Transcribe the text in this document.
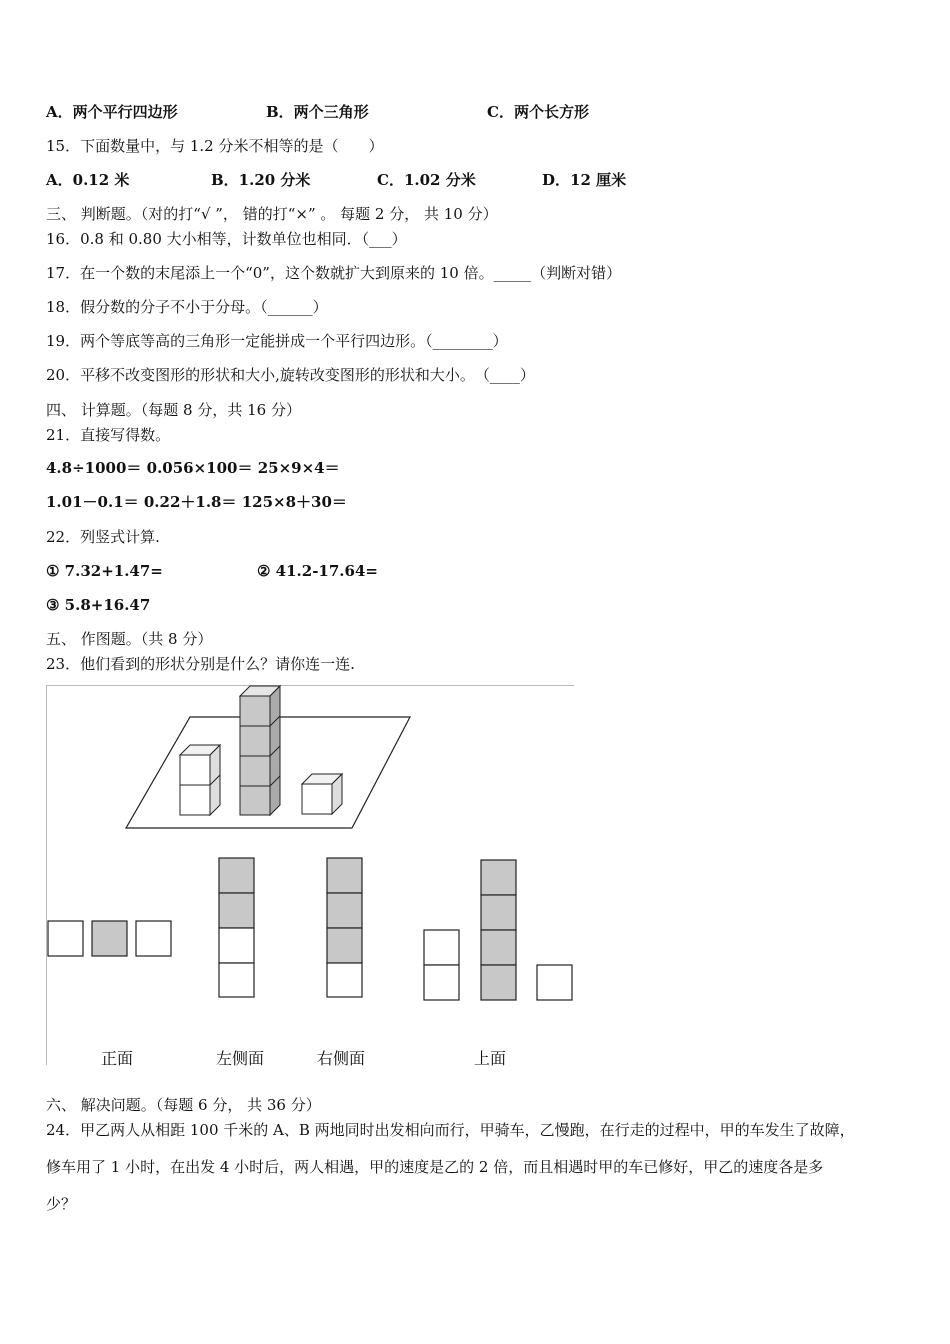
A．两个平行四边形	B．两个三角形	C．两个长方形
15．下面数量中，与 1.2 分米不相等的是（　　）
A．0.12 米	B．1.20 分米	C．1.02 分米	D．12 厘米
三、 判断题。（对的打“√ ”， 错的打“×” 。 每题 2 分， 共 10 分）
16．0.8 和 0.80 大小相等，计数单位也相同．（___）
17．在一个数的末尾添上一个“0”，这个数就扩大到原来的 10 倍。_____（判断对错）
18．假分数的分子不小于分母。（______）
19．两个等底等高的三角形一定能拼成一个平行四边形。（________）
20．平移不改变图形的形状和大小,旋转改变图形的形状和大小。　（____）
四、 计算题。（每题 8 分，共 16 分）
21．直接写得数。
4.8÷1000＝ 0.056×100＝ 25×9×4＝
1.01－0.1＝ 0.22＋1.8＝ 125×8＋30＝
22．列竖式计算.
① 7.32+1.47=	② 41.2-17.64=
③ 5.8+16.47
五、 作图题。（共 8 分）
23．他们看到的形状分别是什么？请你连一连.
正面	左侧面	右侧面	上面
六、 解决问题。（每题 6 分， 共 36 分）
24．甲乙两人从相距 100 千米的 A、B 两地同时出发相向而行，甲骑车，乙慢跑，在行走的过程中，甲的车发生了故障，
修车用了 1 小时，在出发 4 小时后，两人相遇，甲的速度是乙的 2 倍，而且相遇时甲的车已修好，甲乙的速度各是多
少？
